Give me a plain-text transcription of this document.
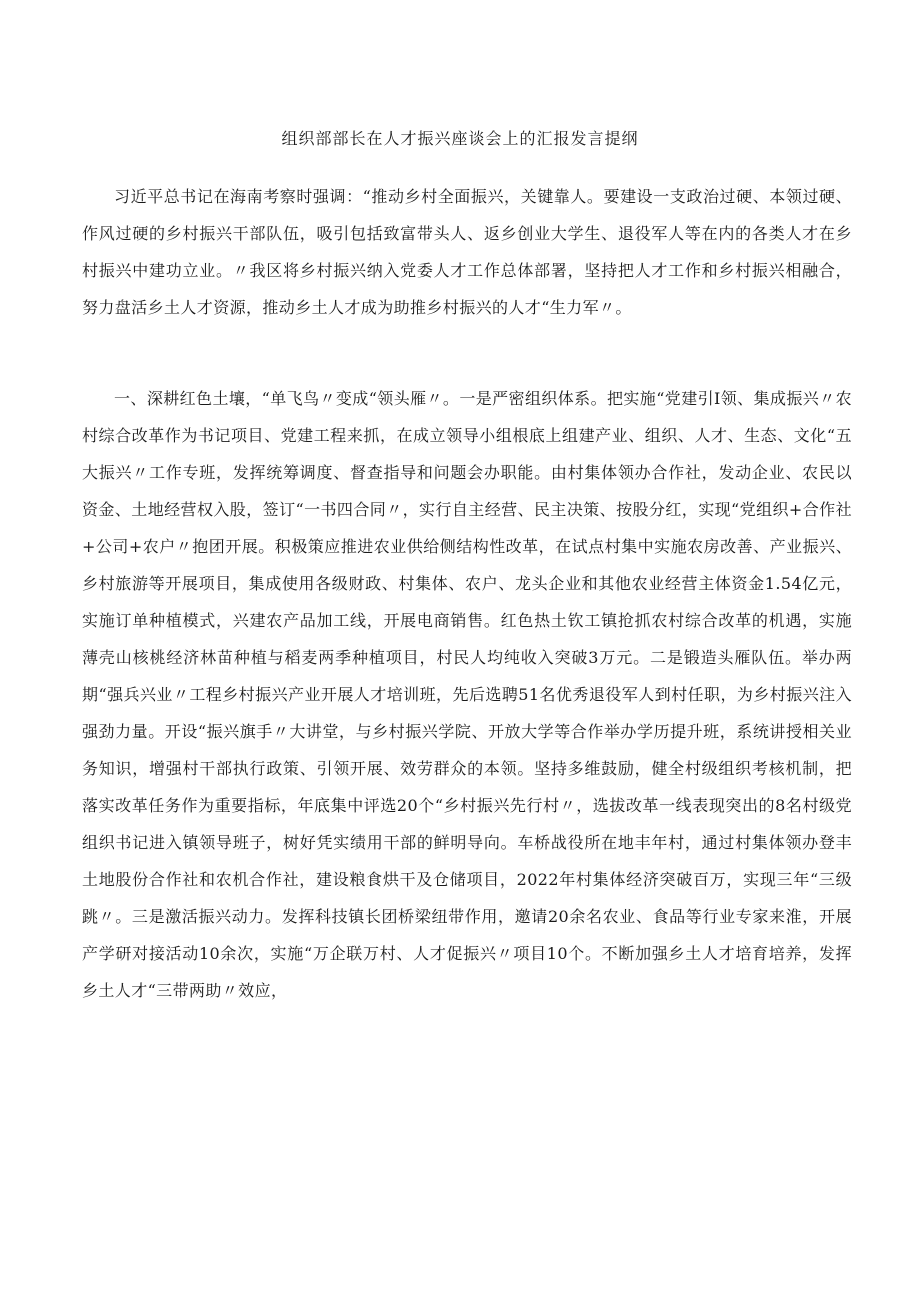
组织部部长在人才振兴座谈会上的汇报发言提纲

习近平总书记在海南考察时强调：“推动乡村全面振兴，关键靠人。要建设一支政治过硬、本领过硬、作风过硬的乡村振兴干部队伍，吸引包括致富带头人、返乡创业大学生、退役军人等在内的各类人才在乡村振兴中建功立业。〃我区将乡村振兴纳入党委人才工作总体部署，坚持把人才工作和乡村振兴相融合，努力盘活乡土人才资源，推动乡土人才成为助推乡村振兴的人才“生力军〃。

一、深耕红色土壤，“单飞鸟〃变成“领头雁〃。一是严密组织体系。把实施“党建引Ⅰ领、集成振兴〃农村综合改革作为书记项目、党建工程来抓，在成立领导小组根底上组建产业、组织、人才、生态、文化“五大振兴〃工作专班，发挥统筹调度、督查指导和问题会办职能。由村集体领办合作社，发动企业、农民以资金、土地经营权入股，签订“一书四合同〃，实行自主经营、民主决策、按股分红，实现“党组织+合作社+公司+农户〃抱团开展。积极策应推进农业供给侧结构性改革，在试点村集中实施农房改善、产业振兴、乡村旅游等开展项目，集成使用各级财政、村集体、农户、龙头企业和其他农业经营主体资金1.54亿元，实施订单种植模式，兴建农产品加工线，开展电商销售。红色热土钦工镇抢抓农村综合改革的机遇，实施薄壳山核桃经济林苗种植与稻麦两季种植项目，村民人均纯收入突破3万元。二是锻造头雁队伍。举办两期“强兵兴业〃工程乡村振兴产业开展人才培训班，先后选聘51名优秀退役军人到村任职，为乡村振兴注入强劲力量。开设“振兴旗手〃大讲堂，与乡村振兴学院、开放大学等合作举办学历提升班，系统讲授相关业务知识，增强村干部执行政策、引领开展、效劳群众的本领。坚持多维鼓励，健全村级组织考核机制，把落实改革任务作为重要指标，年底集中评选20个“乡村振兴先行村〃，选拔改革一线表现突出的8名村级党组织书记进入镇领导班子，树好凭实绩用干部的鲜明导向。车桥战役所在地丰年村，通过村集体领办登丰土地股份合作社和农机合作社，建设粮食烘干及仓储项目，2022年村集体经济突破百万，实现三年“三级跳〃。三是激活振兴动力。发挥科技镇长团桥梁纽带作用，邀请20余名农业、食品等行业专家来淮，开展产学研对接活动10余次，实施“万企联万村、人才促振兴〃项目10个。不断加强乡土人才培育培养，发挥乡土人才“三带两助〃效应，
